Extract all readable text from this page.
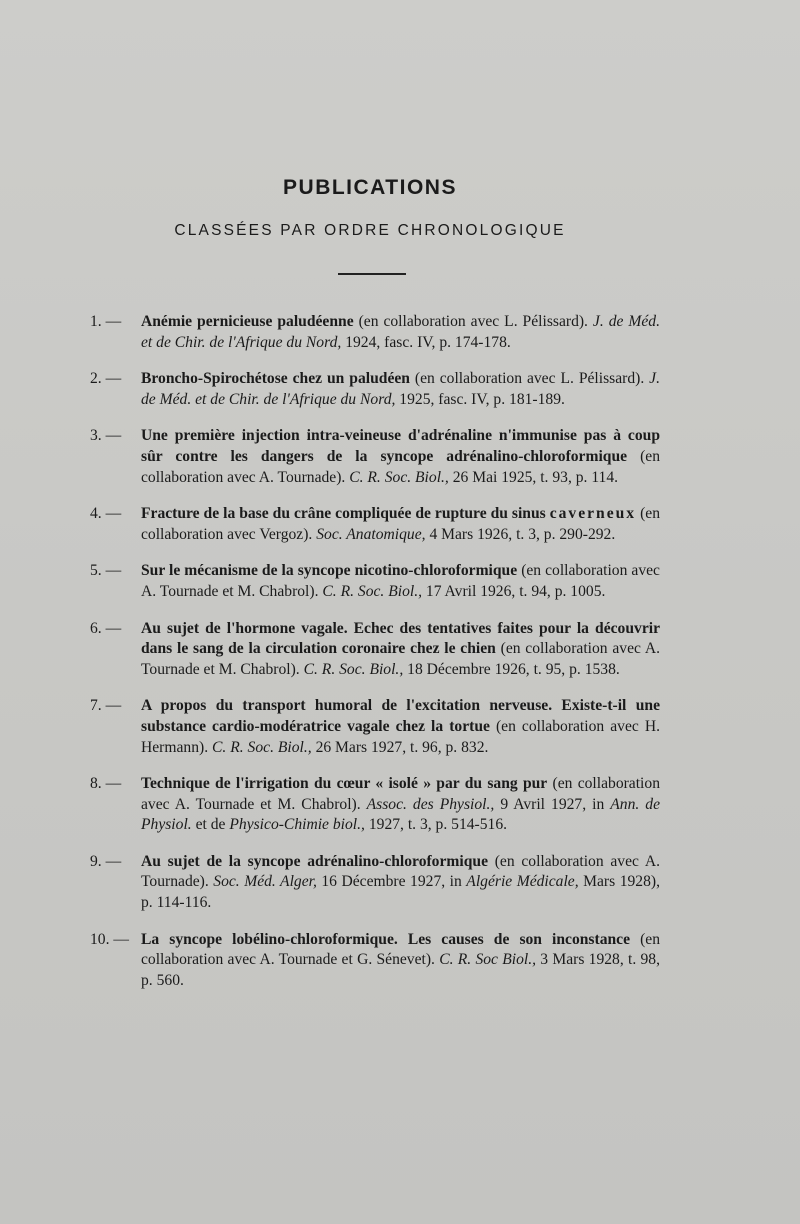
PUBLICATIONS
CLASSÉES PAR ORDRE CHRONOLOGIQUE
1. —	Anémie pernicieuse paludéenne (en collaboration avec L. Pélissard). J. de Méd. et de Chir. de l'Afrique du Nord, 1924, fasc. IV, p. 174-178.
2. —	Broncho-Spirochétose chez un paludéen (en collaboration avec L. Pélissard). J. de Méd. et de Chir. de l'Afrique du Nord, 1925, fasc. IV, p. 181-189.
3. —	Une première injection intra-veineuse d'adrénaline n'immunise pas à coup sûr contre les dangers de la syncope adrénalino-chloroformique (en collaboration avec A. Tournade). C. R. Soc. Biol., 26 Mai 1925, t. 93, p. 114.
4. —	Fracture de la base du crâne compliquée de rupture du sinus caverneux (en collaboration avec Vergoz). Soc. Anatomique, 4 Mars 1926, t. 3, p. 290-292.
5. —	Sur le mécanisme de la syncope nicotino-chloroformique (en collaboration avec A. Tournade et M. Chabrol). C. R. Soc. Biol., 17 Avril 1926, t. 94, p. 1005.
6. —	Au sujet de l'hormone vagale. Echec des tentatives faites pour la découvrir dans le sang de la circulation coronaire chez le chien (en collaboration avec A. Tournade et M. Chabrol). C. R. Soc. Biol., 18 Décembre 1926, t. 95, p. 1538.
7. —	A propos du transport humoral de l'excitation nerveuse. Existe-t-il une substance cardio-modératrice vagale chez la tortue (en collaboration avec H. Hermann). C. R. Soc. Biol., 26 Mars 1927, t. 96, p. 832.
8. —	Technique de l'irrigation du cœur « isolé » par du sang pur (en collaboration avec A. Tournade et M. Chabrol). Assoc. des Physiol., 9 Avril 1927, in Ann. de Physiol. et de Physico-Chimie biol., 1927, t. 3, p. 514-516.
9. —	Au sujet de la syncope adrénalino-chloroformique (en collaboration avec A. Tournade). Soc. Méd. Alger, 16 Décembre 1927, in Algérie Médicale, Mars 1928), p. 114-116.
10. — La syncope lobélino-chloroformique. Les causes de son inconstance (en collaboration avec A. Tournade et G. Sénevet). C. R. Soc Biol., 3 Mars 1928, t. 98, p. 560.
